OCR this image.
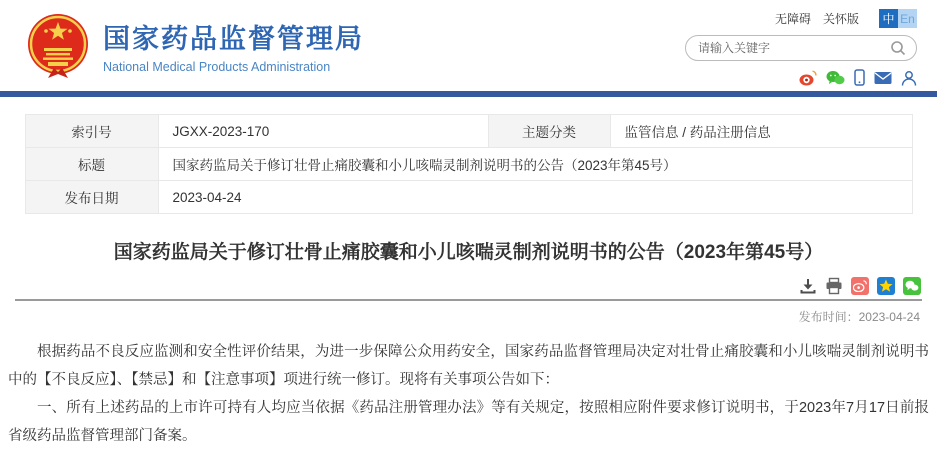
国家药品监督管理局
National Medical Products Administration
无障碍 关怀版 中 En
请输入关键字
索引号	JGXX-2023-170	主题分类	监管信息 / 药品注册信息
标题	国家药监局关于修订壮骨止痛胶囊和小儿咳喘灵制剂说明书的公告（2023年第45号）		
发布日期	2023-04-24		
国家药监局关于修订壮骨止痛胶囊和小儿咳喘灵制剂说明书的公告（2023年第45号）
发布时间：2023-04-24

根据药品不良反应监测和安全性评价结果，为进一步保障公众用药安全，国家药品监督管理局决定对壮骨止痛胶囊和小儿咳喘灵制剂说明书中的【不良反应】、【禁忌】和【注意事项】项进行统一修订。现将有关事项公告如下：

一、所有上述药品的上市许可持有人均应当依据《药品注册管理办法》等有关规定，按照相应附件要求修订说明书，于2023年7月17日前报省级药品监督管理部门备案。
